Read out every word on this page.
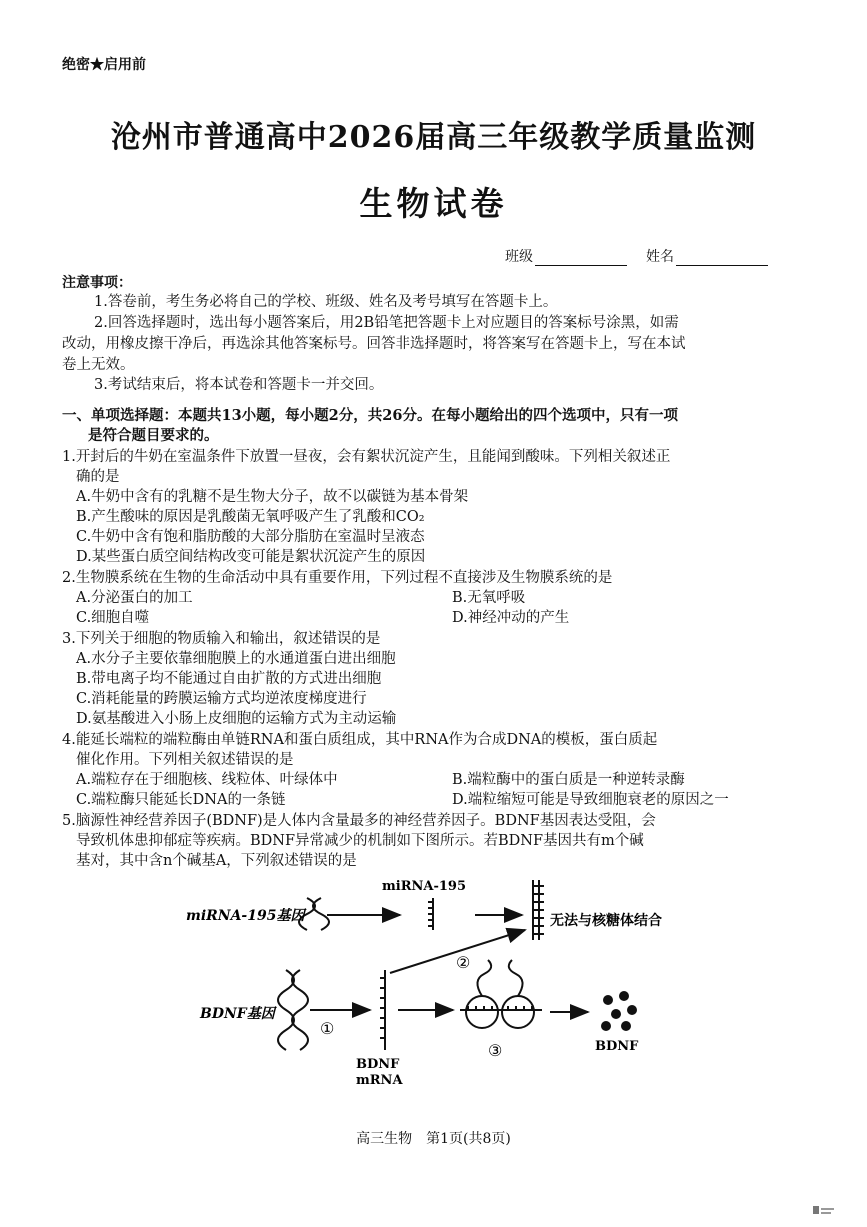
绝密★启用前
沧州市普通高中2026届高三年级教学质量监测
生物试卷
班级	姓名
注意事项：
1.答卷前，考生务必将自己的学校、班级、姓名及考号填写在答题卡上。
2.回答选择题时，选出每小题答案后，用2B铅笔把答题卡上对应题目的答案标号涂黑，如需
改动，用橡皮擦干净后，再选涂其他答案标号。回答非选择题时，将答案写在答题卡上，写在本试
卷上无效。
3.考试结束后，将本试卷和答题卡一并交回。
一、单项选择题：本题共13小题，每小题2分，共26分。在每小题给出的四个选项中，只有一项
是符合题目要求的。
1.开封后的牛奶在室温条件下放置一昼夜，会有絮状沉淀产生，且能闻到酸味。下列相关叙述正
确的是
A.牛奶中含有的乳糖不是生物大分子，故不以碳链为基本骨架
B.产生酸味的原因是乳酸菌无氧呼吸产生了乳酸和CO₂
C.牛奶中含有饱和脂肪酸的大部分脂肪在室温时呈液态
D.某些蛋白质空间结构改变可能是絮状沉淀产生的原因
2.生物膜系统在生物的生命活动中具有重要作用，下列过程不直接涉及生物膜系统的是
A.分泌蛋白的加工	B.无氧呼吸
C.细胞自噬	D.神经冲动的产生
3.下列关于细胞的物质输入和输出，叙述错误的是
A.水分子主要依靠细胞膜上的水通道蛋白进出细胞
B.带电离子均不能通过自由扩散的方式进出细胞
C.消耗能量的跨膜运输方式均逆浓度梯度进行
D.氨基酸进入小肠上皮细胞的运输方式为主动运输
4.能延长端粒的端粒酶由单链RNA和蛋白质组成，其中RNA作为合成DNA的模板，蛋白质起
催化作用。下列相关叙述错误的是
A.端粒存在于细胞核、线粒体、叶绿体中	B.端粒酶中的蛋白质是一种逆转录酶
C.端粒酶只能延长DNA的一条链	D.端粒缩短可能是导致细胞衰老的原因之一
5.脑源性神经营养因子(BDNF)是人体内含量最多的神经营养因子。BDNF基因表达受阻，会
导致机体患抑郁症等疾病。BDNF异常减少的机制如下图所示。若BDNF基因共有m个碱
基对，其中含n个碱基A，下列叙述错误的是
miRNA-195基因
miRNA-195
无法与核糖体结合
BDNF基因
①
BDNF
mRNA
②
③	BDNF
高三生物　第1页(共8页)
